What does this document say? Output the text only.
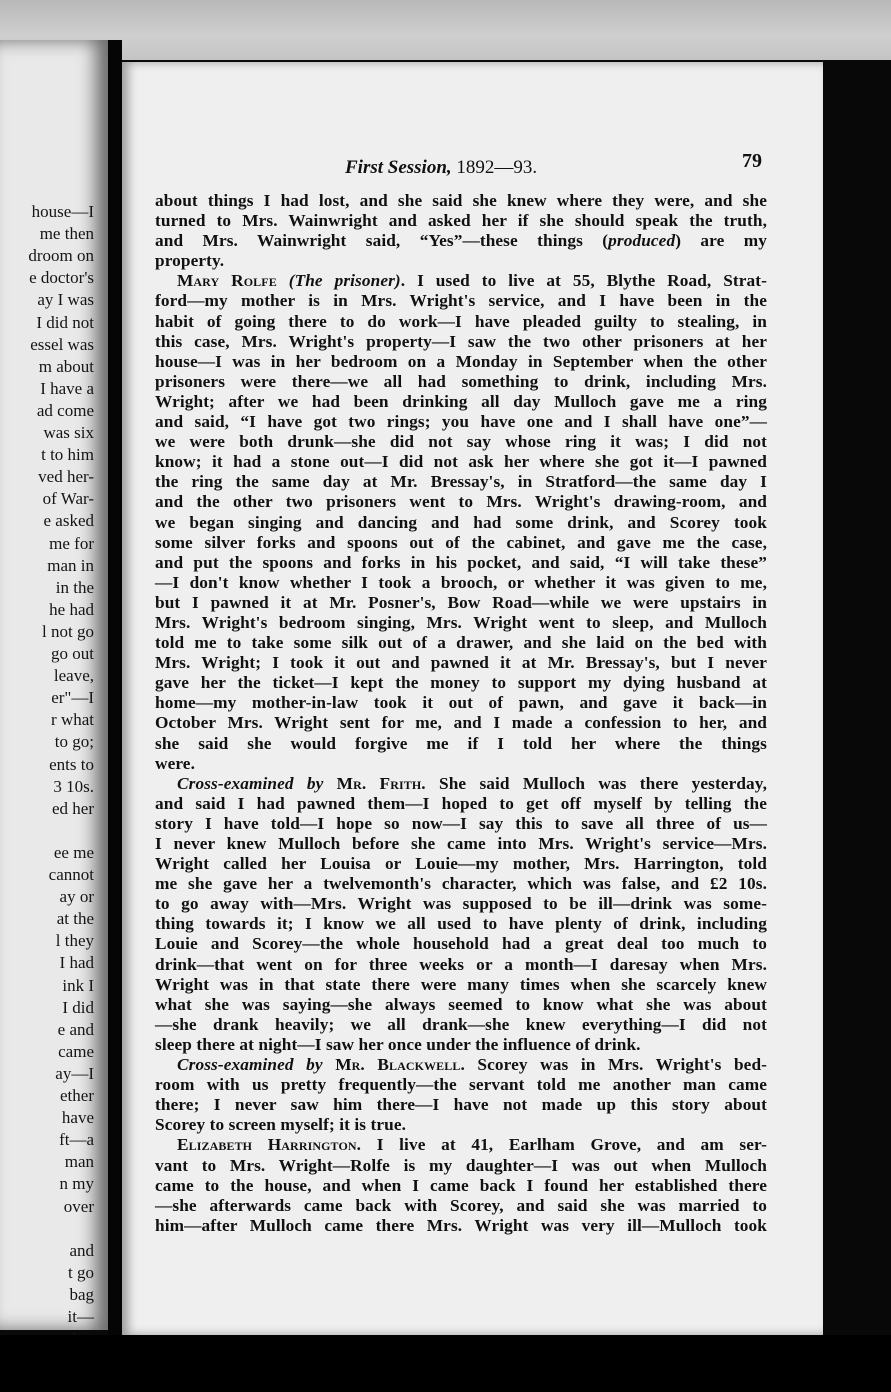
house—I
me then
droom on
e doctor's
ay I was
I did not
essel was
m about
I have a
ad come
was six
t to him
ved her-
of War-
e asked
me for
man in
in the
he had
l not go
go out
leave,
er"—I
r what
to go;
ents to
3 10s.
ed her
ee me
cannot
ay or
at the
l they
I had
ink I
I did
e and
came
ay—I
ether
have
ft—a
man
n my
over
and
t go
bag
it—
First Session, 1892—93.	79
about things I had lost, and she said she knew where they were, and she
turned to Mrs. Wainwright and asked her if she should speak the truth,
and Mrs. Wainwright said, “Yes”—these things (produced) are my
property.
Mary Rolfe (The prisoner). I used to live at 55, Blythe Road, Strat-
ford—my mother is in Mrs. Wright's service, and I have been in the
habit of going there to do work—I have pleaded guilty to stealing, in
this case, Mrs. Wright's property—I saw the two other prisoners at her
house—I was in her bedroom on a Monday in September when the other
prisoners were there—we all had something to drink, including Mrs.
Wright; after we had been drinking all day Mulloch gave me a ring
and said, “I have got two rings; you have one and I shall have one”—
we were both drunk—she did not say whose ring it was; I did not
know; it had a stone out—I did not ask her where she got it—I pawned
the ring the same day at Mr. Bressay's, in Stratford—the same day I
and the other two prisoners went to Mrs. Wright's drawing-room, and
we began singing and dancing and had some drink, and Scorey took
some silver forks and spoons out of the cabinet, and gave me the case,
and put the spoons and forks in his pocket, and said, “I will take these”
—I don't know whether I took a brooch, or whether it was given to me,
but I pawned it at Mr. Posner's, Bow Road—while we were upstairs in
Mrs. Wright's bedroom singing, Mrs. Wright went to sleep, and Mulloch
told me to take some silk out of a drawer, and she laid on the bed with
Mrs. Wright; I took it out and pawned it at Mr. Bressay's, but I never
gave her the ticket—I kept the money to support my dying husband at
home—my mother-in-law took it out of pawn, and gave it back—in
October Mrs. Wright sent for me, and I made a confession to her, and
she said she would forgive me if I told her where the things
were.
Cross-examined by Mr. Frith. She said Mulloch was there yesterday,
and said I had pawned them—I hoped to get off myself by telling the
story I have told—I hope so now—I say this to save all three of us—
I never knew Mulloch before she came into Mrs. Wright's service—Mrs.
Wright called her Louisa or Louie—my mother, Mrs. Harrington, told
me she gave her a twelvemonth's character, which was false, and £2 10s.
to go away with—Mrs. Wright was supposed to be ill—drink was some-
thing towards it; I know we all used to have plenty of drink, including
Louie and Scorey—the whole household had a great deal too much to
drink—that went on for three weeks or a month—I daresay when Mrs.
Wright was in that state there were many times when she scarcely knew
what she was saying—she always seemed to know what she was about
—she drank heavily; we all drank—she knew everything—I did not
sleep there at night—I saw her once under the influence of drink.
Cross-examined by Mr. Blackwell. Scorey was in Mrs. Wright's bed-
room with us pretty frequently—the servant told me another man came
there; I never saw him there—I have not made up this story about
Scorey to screen myself; it is true.
Elizabeth Harrington. I live at 41, Earlham Grove, and am ser-
vant to Mrs. Wright—Rolfe is my daughter—I was out when Mulloch
came to the house, and when I came back I found her established there
—she afterwards came back with Scorey, and said she was married to
him—after Mulloch came there Mrs. Wright was very ill—Mulloch took
